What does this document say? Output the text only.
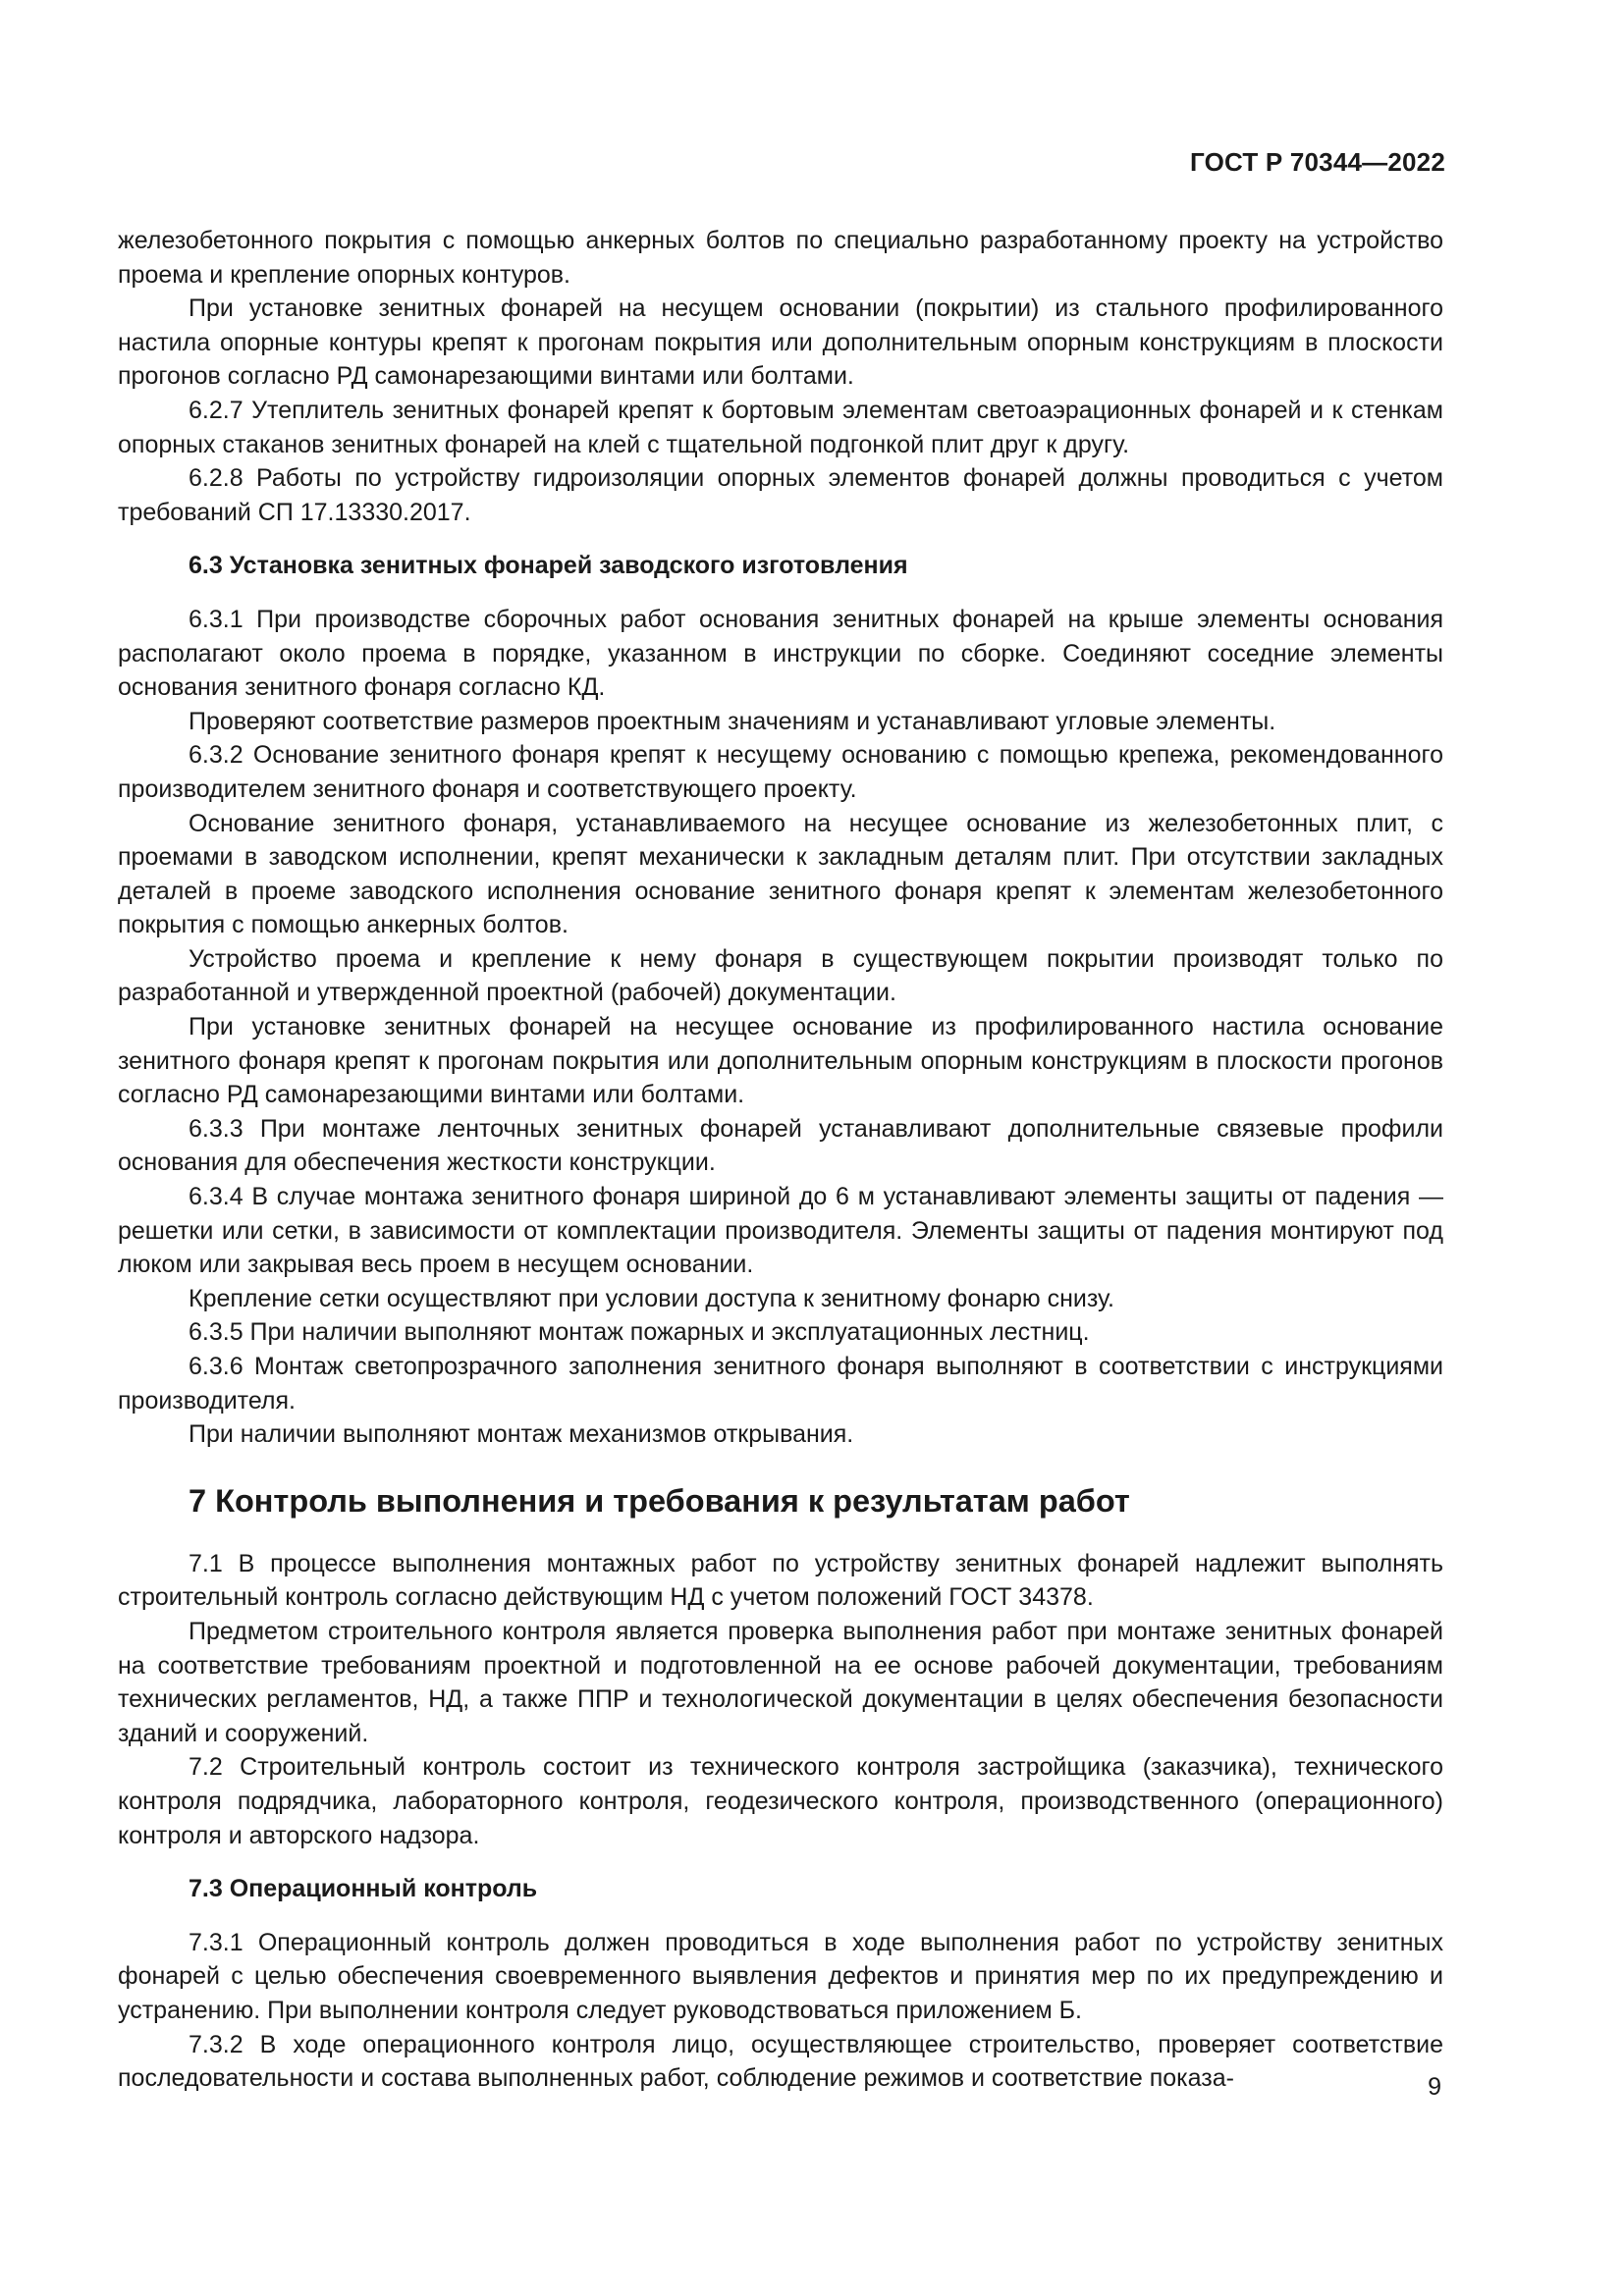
ГОСТ Р 70344—2022

железобетонного покрытия с помощью анкерных болтов по специально разработанному проекту на устройство проема и крепление опорных контуров.

При установке зенитных фонарей на несущем основании (покрытии) из стального профилированного настила опорные контуры крепят к прогонам покрытия или дополнительным опорным конструкциям в плоскости прогонов согласно РД самонарезающими винтами или болтами.

6.2.7 Утеплитель зенитных фонарей крепят к бортовым элементам светоаэрационных фонарей и к стенкам опорных стаканов зенитных фонарей на клей с тщательной подгонкой плит друг к другу.

6.2.8 Работы по устройству гидроизоляции опорных элементов фонарей должны проводиться с учетом требований СП 17.13330.2017.

6.3 Установка зенитных фонарей заводского изготовления

6.3.1 При производстве сборочных работ основания зенитных фонарей на крыше элементы основания располагают около проема в порядке, указанном в инструкции по сборке. Соединяют соседние элементы основания зенитного фонаря согласно КД.

Проверяют соответствие размеров проектным значениям и устанавливают угловые элементы.

6.3.2 Основание зенитного фонаря крепят к несущему основанию с помощью крепежа, рекомендованного производителем зенитного фонаря и соответствующего проекту.

Основание зенитного фонаря, устанавливаемого на несущее основание из железобетонных плит, с проемами в заводском исполнении, крепят механически к закладным деталям плит. При отсутствии закладных деталей в проеме заводского исполнения основание зенитного фонаря крепят к элементам железобетонного покрытия с помощью анкерных болтов.

Устройство проема и крепление к нему фонаря в существующем покрытии производят только по разработанной и утвержденной проектной (рабочей) документации.

При установке зенитных фонарей на несущее основание из профилированного настила основание зенитного фонаря крепят к прогонам покрытия или дополнительным опорным конструкциям в плоскости прогонов согласно РД самонарезающими винтами или болтами.

6.3.3 При монтаже ленточных зенитных фонарей устанавливают дополнительные связевые профили основания для обеспечения жесткости конструкции.

6.3.4 В случае монтажа зенитного фонаря шириной до 6 м устанавливают элементы защиты от падения — решетки или сетки, в зависимости от комплектации производителя. Элементы защиты от падения монтируют под люком или закрывая весь проем в несущем основании.

Крепление сетки осуществляют при условии доступа к зенитному фонарю снизу.

6.3.5 При наличии выполняют монтаж пожарных и эксплуатационных лестниц.

6.3.6 Монтаж светопрозрачного заполнения зенитного фонаря выполняют в соответствии с инструкциями производителя.

При наличии выполняют монтаж механизмов открывания.

7 Контроль выполнения и требования к результатам работ

7.1 В процессе выполнения монтажных работ по устройству зенитных фонарей надлежит выполнять строительный контроль согласно действующим НД с учетом положений ГОСТ 34378.

Предметом строительного контроля является проверка выполнения работ при монтаже зенитных фонарей на соответствие требованиям проектной и подготовленной на ее основе рабочей документации, требованиям технических регламентов, НД, а также ППР и технологической документации в целях обеспечения безопасности зданий и сооружений.

7.2 Строительный контроль состоит из технического контроля застройщика (заказчика), технического контроля подрядчика, лабораторного контроля, геодезического контроля, производственного (операционного) контроля и авторского надзора.

7.3 Операционный контроль

7.3.1 Операционный контроль должен проводиться в ходе выполнения работ по устройству зенитных фонарей с целью обеспечения своевременного выявления дефектов и принятия мер по их предупреждению и устранению. При выполнении контроля следует руководствоваться приложением Б.

7.3.2 В ходе операционного контроля лицо, осуществляющее строительство, проверяет соответствие последовательности и состава выполненных работ, соблюдение режимов и соответствие показа-	9
